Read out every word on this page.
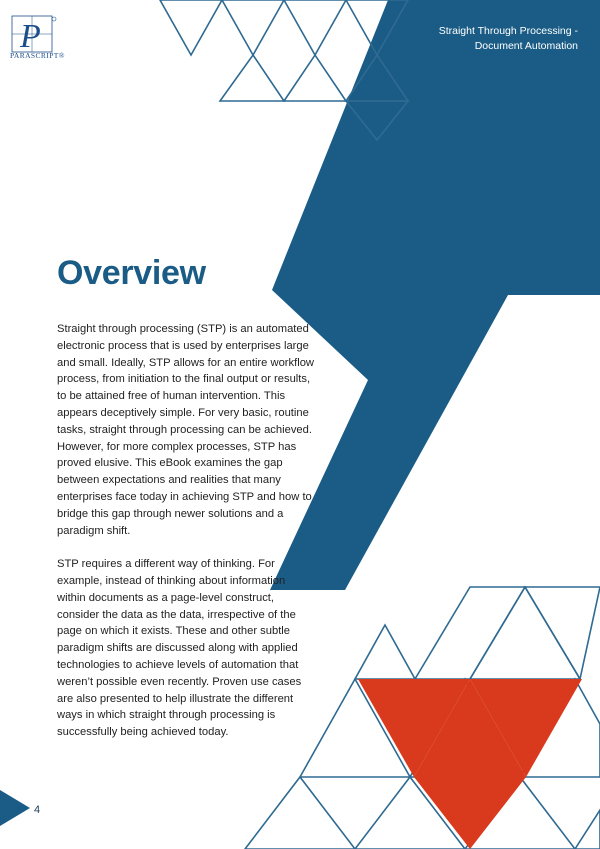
P
PARASCRIPT®
Straight Through Processing -
Document Automation
Overview

Straight through processing (STP) is an automated electronic process that is used by enterprises large and small. Ideally, STP allows for an entire workflow process, from initiation to the final output or results, to be attained free of human intervention. This appears deceptively simple. For very basic, routine tasks, straight through processing can be achieved. However, for more complex processes, STP has proved elusive. This eBook examines the gap between expectations and realities that many enterprises face today in achieving STP and how to bridge this gap through newer solutions and a paradigm shift.

STP requires a different way of thinking. For example, instead of thinking about information within documents as a page-level construct, consider the data as the data, irrespective of the page on which it exists. These and other subtle paradigm shifts are discussed along with applied technologies to achieve levels of automation that weren’t possible even recently. Proven use cases are also presented to help illustrate the different ways in which straight through processing is successfully being achieved today.

4
